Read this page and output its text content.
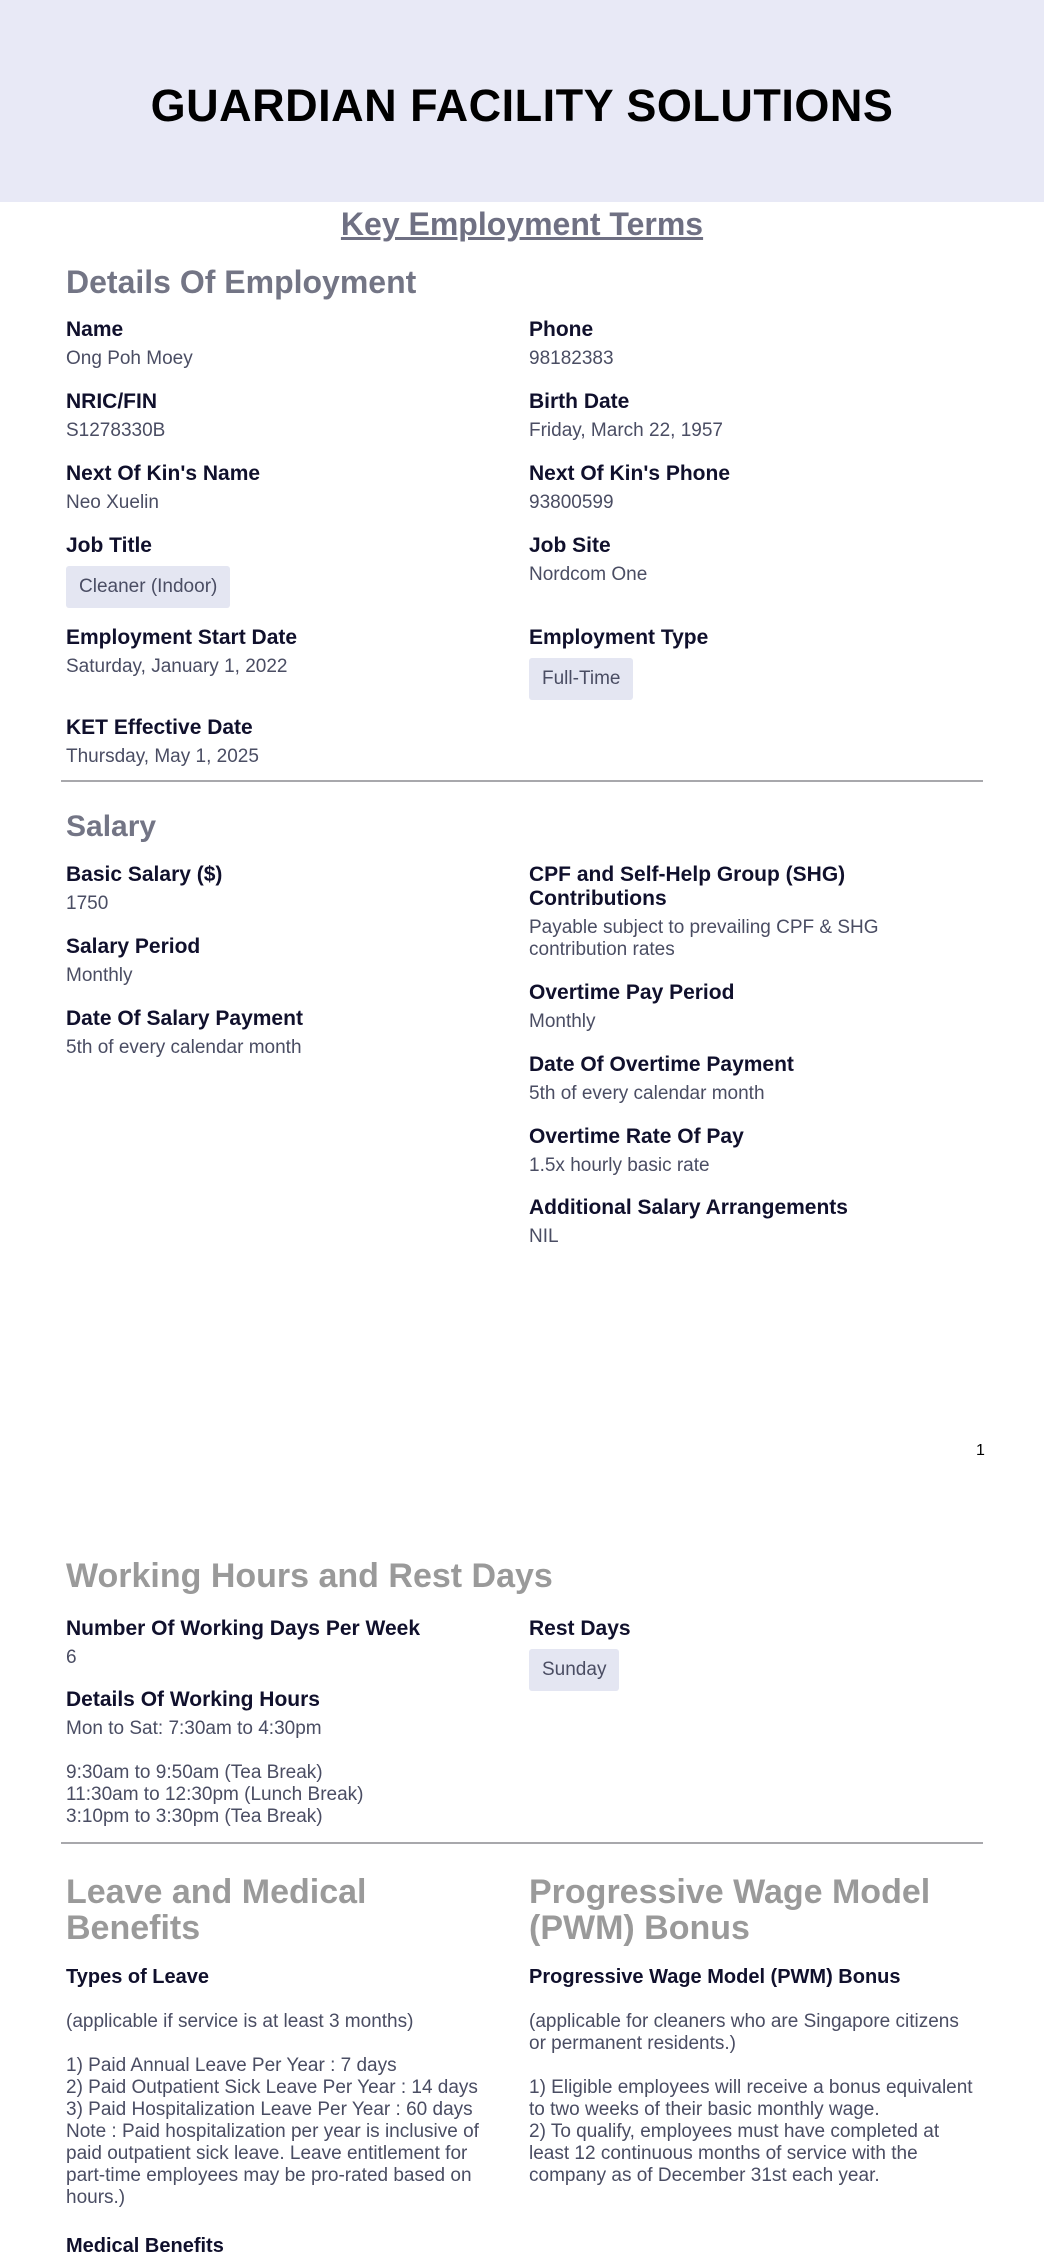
GUARDIAN FACILITY SOLUTIONS
Key Employment Terms
Details Of Employment
Name
Ong Poh Moey
Phone
98182383
NRIC/FIN
S1278330B
Birth Date
Friday, March 22, 1957
Next Of Kin's Name
Neo Xuelin
Next Of Kin's Phone
93800599
Job Title
Cleaner (Indoor)
Job Site
Nordcom One
Employment Start Date
Saturday, January 1, 2022
Employment Type
Full-Time
KET Effective Date
Thursday, May 1, 2025
Salary
Basic Salary ($)
1750
Salary Period
Monthly
Date Of Salary Payment
5th of every calendar month
CPF and Self-Help Group (SHG) Contributions
Payable subject to prevailing CPF & SHG contribution rates
Overtime Pay Period
Monthly
Date Of Overtime Payment
5th of every calendar month
Overtime Rate Of Pay
1.5x hourly basic rate
Additional Salary Arrangements
NIL
1
Working Hours and Rest Days
Number Of Working Days Per Week
6
Rest Days
Sunday
Details Of Working Hours
Mon to Sat: 7:30am to 4:30pm
9:30am to 9:50am (Tea Break)
11:30am to 12:30pm (Lunch Break)
3:10pm to 3:30pm (Tea Break)
Leave and Medical Benefits
Types of Leave
(applicable if service is at least 3 months)
1) Paid Annual Leave Per Year : 7 days
2) Paid Outpatient Sick Leave Per Year : 14 days
3) Paid Hospitalization Leave Per Year : 60 days
Note : Paid hospitalization per year is inclusive of paid outpatient sick leave. Leave entitlement for part-time employees may be pro-rated based on hours.)
Medical Benefits
Progressive Wage Model (PWM) Bonus
Progressive Wage Model (PWM) Bonus
(applicable for cleaners who are Singapore citizens or permanent residents.)
1) Eligible employees will receive a bonus equivalent to two weeks of their basic monthly wage.
2) To qualify, employees must have completed at least 12 continuous months of service with the company as of December 31st each year.
